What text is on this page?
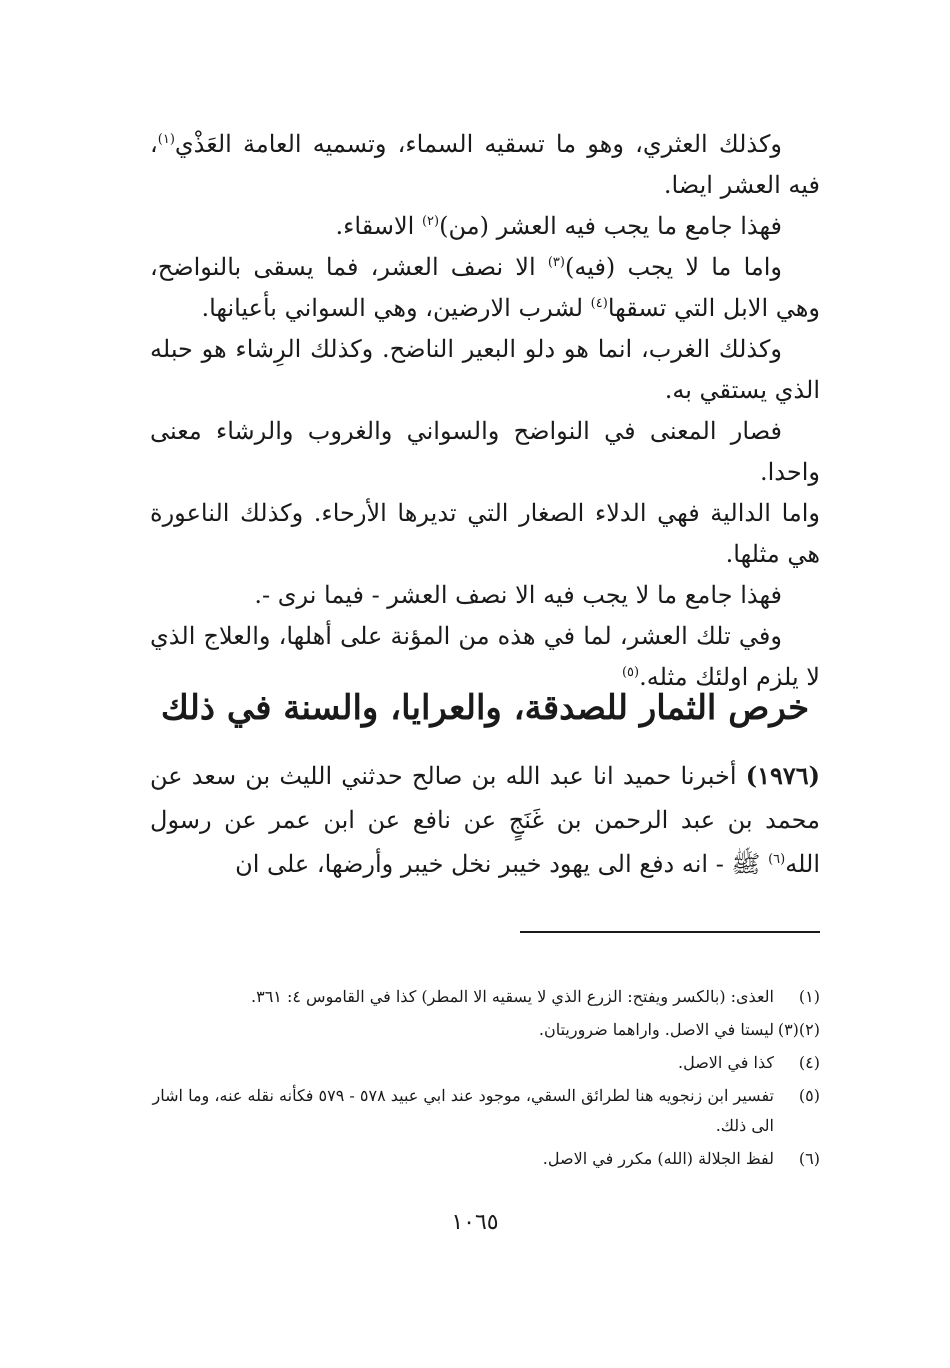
وكذلك العثري، وهو ما تسقيه السماء، وتسميه العامة العَذْي$^{(١)}$، فيه العشر ايضا.

فهذا جامع ما يجب فيه العشر (من)$^{(٢)}$ الاسقاء.

واما ما لا يجب (فيه)$^{(٣)}$ الا نصف العشر، فما يسقى بالنواضح، وهي الابل التي تسقها$^{(٤)}$ لشرب الارضين، وهي السواني بأعيانها.

وكذلك الغرب، انما هو دلو البعير الناضح. وكذلك الرِشاء هو حبله الذي يستقي به.

فصار المعنى في النواضح والسواني والغروب والرشاء معنى واحدا.

واما الدالية فهي الدلاء الصغار التي تديرها الأرحاء. وكذلك الناعورة هي مثلها.

فهذا جامع ما لا يجب فيه الا نصف العشر - فيما نرى -.

وفي تلك العشر، لما في هذه من المؤنة على أهلها، والعلاج الذي لا يلزم اولئك مثله.$^{(٥)}$

خرص الثمار للصدقة، والعرايا، والسنة في ذلك

(١٩٧٦) أخبرنا حميد انا عبد الله بن صالح حدثني الليث بن سعد عن محمد بن عبد الرحمن بن غَنَجٍ عن نافع عن ابن عمر عن رسول الله$^{(٦)}$ ﷺ - انه دفع الى يهود خيبر نخل خيبر وأرضها، على ان

(١)
العذى: (بالكسر ويفتح: الزرع الذي لا يسقيه الا المطر) كذا في القاموس ٤: ٣٦١.
(٢)(٣)
ليستا في الاصل. واراهما ضروريتان.
(٤)
كذا في الاصل.
(٥)
تفسير ابن زنجويه هنا لطرائق السقي، موجود عند ابي عبيد ٥٧٨ - ٥٧٩ فكأنه نقله عنه، وما اشار الى ذلك.
(٦)
لفظ الجلالة (الله) مكرر في الاصل.
١٠٦٥
